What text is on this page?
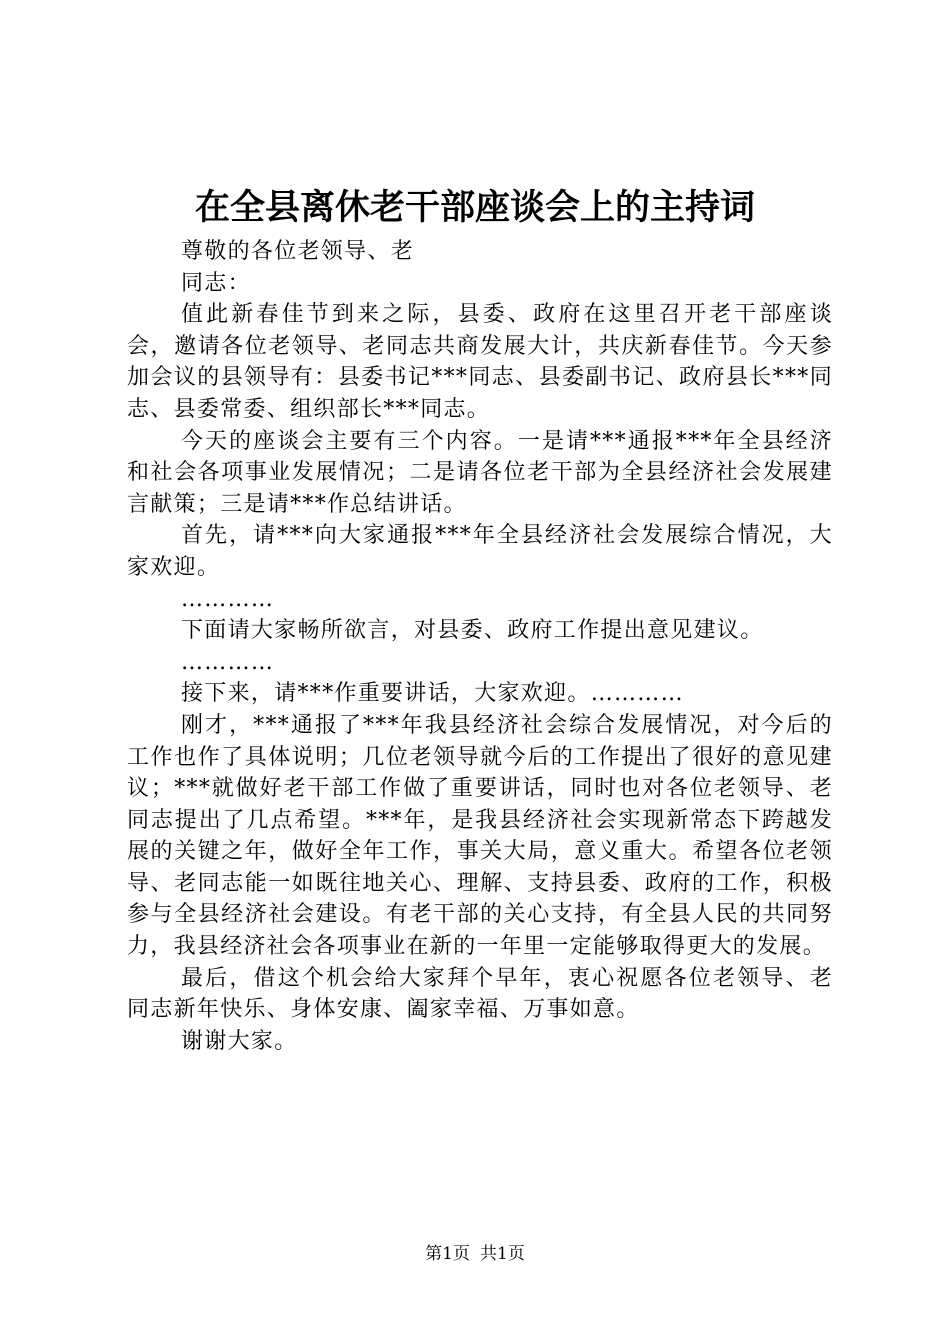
在全县离休老干部座谈会上的主持词

尊敬的各位老领导、老

同志：

值此新春佳节到来之际，县委、政府在这里召开老干部座谈会，邀请各位老领导、老同志共商发展大计，共庆新春佳节。今天参加会议的县领导有：县委书记***同志、县委副书记、政府县长***同志、县委常委、组织部长***同志。

今天的座谈会主要有三个内容。一是请***通报***年全县经济和社会各项事业发展情况；二是请各位老干部为全县经济社会发展建言献策；三是请***作总结讲话。

首先，请***向大家通报***年全县经济社会发展综合情况，大家欢迎。

…………

下面请大家畅所欲言，对县委、政府工作提出意见建议。

…………

接下来，请***作重要讲话，大家欢迎。…………

刚才，***通报了***年我县经济社会综合发展情况，对今后的工作也作了具体说明；几位老领导就今后的工作提出了很好的意见建议；***就做好老干部工作做了重要讲话，同时也对各位老领导、老同志提出了几点希望。***年，是我县经济社会实现新常态下跨越发展的关键之年，做好全年工作，事关大局，意义重大。希望各位老领导、老同志能一如既往地关心、理解、支持县委、政府的工作，积极参与全县经济社会建设。有老干部的关心支持，有全县人民的共同努力，我县经济社会各项事业在新的一年里一定能够取得更大的发展。

最后，借这个机会给大家拜个早年，衷心祝愿各位老领导、老同志新年快乐、身体安康、阖家幸福、万事如意。

谢谢大家。

第1页 共1页
